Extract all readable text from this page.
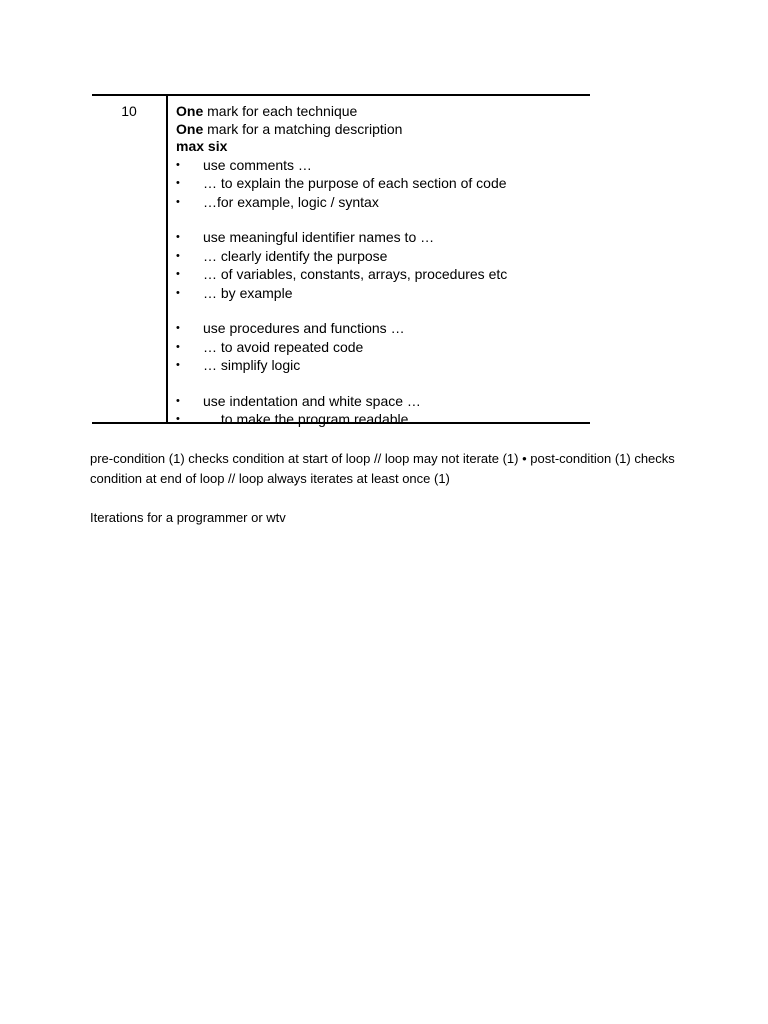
10	One mark for each technique
One mark for a matching description
max six
•	use comments …
•	… to explain the purpose of each section of code
•	…for example, logic / syntax
•	use meaningful identifier names to …
•	… clearly identify the purpose
•	… of variables, constants, arrays, procedures etc
•	… by example
•	use procedures and functions …
•	… to avoid repeated code
•	… simplify logic
•	use indentation and white space …
•	… to make the program readable
pre-condition (1) checks condition at start of loop // loop may not iterate (1) • post-condition (1) checks condition at end of loop // loop always iterates at least once (1)
Iterations for a programmer or wtv
